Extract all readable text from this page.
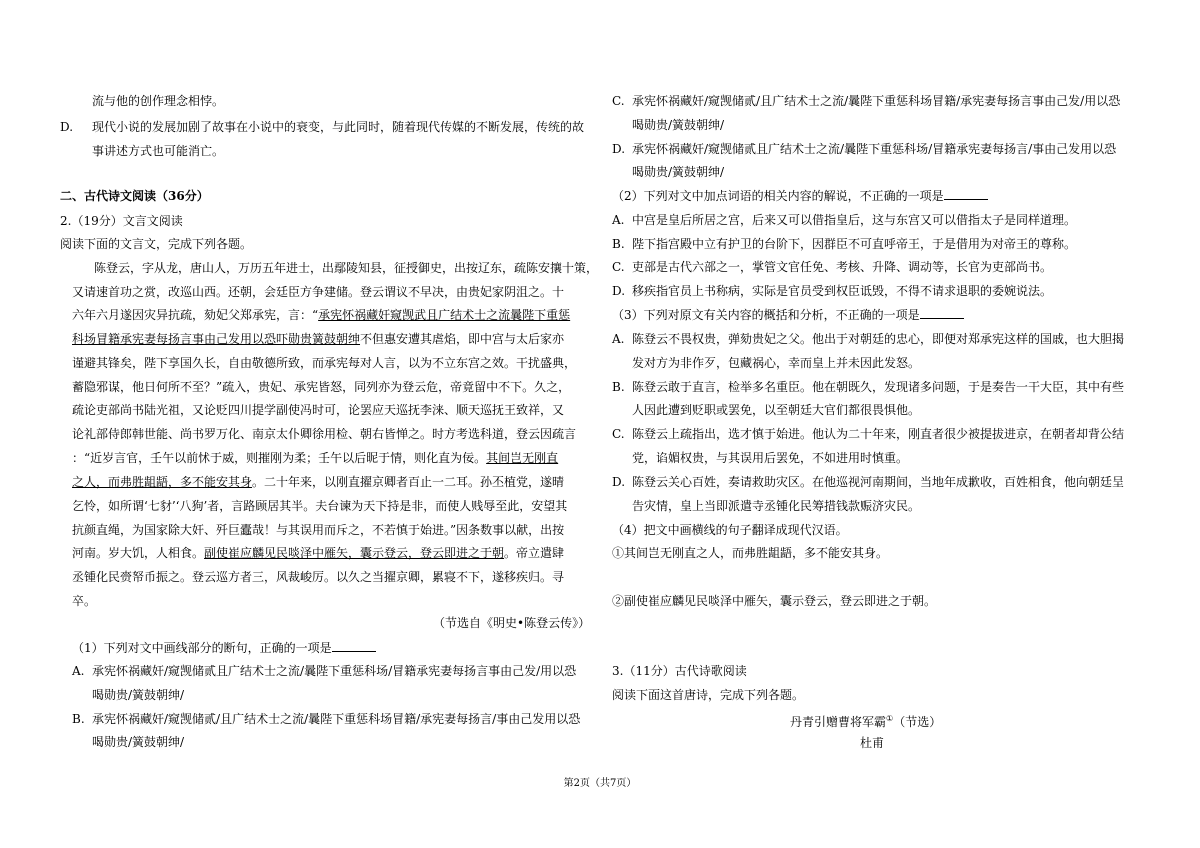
流与他的创作理念相悖。
D. 现代小说的发展加剧了故事在小说中的衰变，与此同时，随着现代传媒的不断发展，传统的故
事讲述方式也可能消亡。
二、古代诗文阅读（36分）
2.（19分）文言文阅读
阅读下面的文言文，完成下列各题。
陈登云，字从龙，唐山人，万历五年进士，出鄢陵知县，征授御史，出按辽东，疏陈安攘十策，
又请速首功之赏，改巡山西。还朝，会廷臣方争建储。登云谓议不早决，由贵妃家阴沮之。十
六年六月遂因灾异抗疏，劾妃父郑承宪，言：“承宪怀祸藏奸窥觊武且广结术士之流曩陛下重惩
科场冒籍承宪妻每扬言事由己发用以恐吓勋贵簧鼓朝绅不但惠安遭其虐焰，即中宫与太后家亦
谨避其锋矣，陛下享国久长，自由敬德所致，而承宪每对人言，以为不立东宫之效。干扰盛典，
蓄隐邪谋，他日何所不至？”疏入，贵妃、承宪皆怒，同列亦为登云危，帝竟留中不下。久之，
疏论吏部尚书陆光祖，又论贬四川提学副使冯时可，论罢应天巡抚李涞、顺天巡抚王致祥，又
论礼部侍郎韩世能、尚书罗万化、南京太仆卿徐用检、朝右皆惮之。时方考选科道，登云因疏言
：“近岁言官，壬午以前怵于威，则摧刚为柔；壬午以后昵于情，则化直为佞。其间岂无刚直
之人，而弗胜龃龉，多不能安其身。二十年来，以刚直擢京卿者百止一二耳。孙丕植党，遂晴
乞怜，如所谓‘七豺’‘八狗’者，言路顾居其半。夫台谏为天下持是非，而使人贱辱至此，安望其
抗颜直绳，为国家除大奸、歼巨蠹哉！与其误用而斥之，不若慎于始进。”因条数事以献，出按
河南。岁大饥，人相食。副使崔应麟见民啖泽中雁矢，囊示登云，登云即进之于朝。帝立遣肆
丞锺化民赍帑币振之。登云巡方者三，风裁峻厉。以久之当擢京卿，累寝不下，遂移疾归。寻
卒。
（节选自《明史•陈登云传》）
（1）下列对文中画线部分的断句，正确的一项是
A. 承宪怀祸藏奸/窥觊储贰且广结术士之流/曩陛下重惩科场/冒籍承宪妻每扬言事由己发/用以恐
喝勋贵/簧鼓朝绅/
B. 承宪怀祸藏奸/窥觊储贰/且广结术士之流/曩陛下重惩科场冒籍/承宪妻每扬言/事由己发用以恐
喝勋贵/簧鼓朝绅/
C. 承宪怀祸藏奸/窥觊储贰/且广结术士之流/曩陛下重惩科场冒籍/承宪妻每扬言事由己发/用以恐
喝勋贵/簧鼓朝绅/
D. 承宪怀祸藏奸/窥觊储贰且广结术士之流/曩陛下重惩科场/冒籍承宪妻每扬言/事由己发用以恐
喝勋贵/簧鼓朝绅/
（2）下列对文中加点词语的相关内容的解说，不正确的一项是
A. 中宫是皇后所居之宫，后来又可以借指皇后，这与东宫又可以借指太子是同样道理。
B. 陛下指宫殿中立有护卫的台阶下，因群臣不可直呼帝王，于是借用为对帝王的尊称。
C. 吏部是古代六部之一，掌管文官任免、考核、升降、调动等，长官为吏部尚书。
D. 移疾指官员上书称病，实际是官员受到权臣诋毁，不得不请求退职的委婉说法。
（3）下列对原文有关内容的概括和分析，不正确的一项是
A. 陈登云不畏权贵，弹劾贵妃之父。他出于对朝廷的忠心，即便对郑承宪这样的国戚，也大胆揭
发对方为非作歹，包藏祸心，幸而皇上并未因此发怒。
B. 陈登云敢于直言，检举多名重臣。他在朝既久，发现诸多问题，于是奏告一干大臣，其中有些
人因此遭到贬职或罢免，以至朝廷大官们都很畏惧他。
C. 陈登云上疏指出，选才慎于始进。他认为二十年来，刚直者很少被提拔进京，在朝者却背公结
党，谄媚权贵，与其误用后罢免，不如进用时慎重。
D. 陈登云关心百姓，奏请救助灾区。在他巡视河南期间，当地年成歉收，百姓相食，他向朝廷呈
告灾情，皇上当即派遣寺丞锺化民筹措钱款赈济灾民。
（4）把文中画横线的句子翻译成现代汉语。
①其间岂无刚直之人，而弗胜龃龉，多不能安其身。
②副使崔应麟见民啖泽中雁矢，囊示登云，登云即进之于朝。
3.（11分）古代诗歌阅读
阅读下面这首唐诗，完成下列各题。
丹青引赠曹将军霸①（节选）
杜甫
第2页（共7页）
